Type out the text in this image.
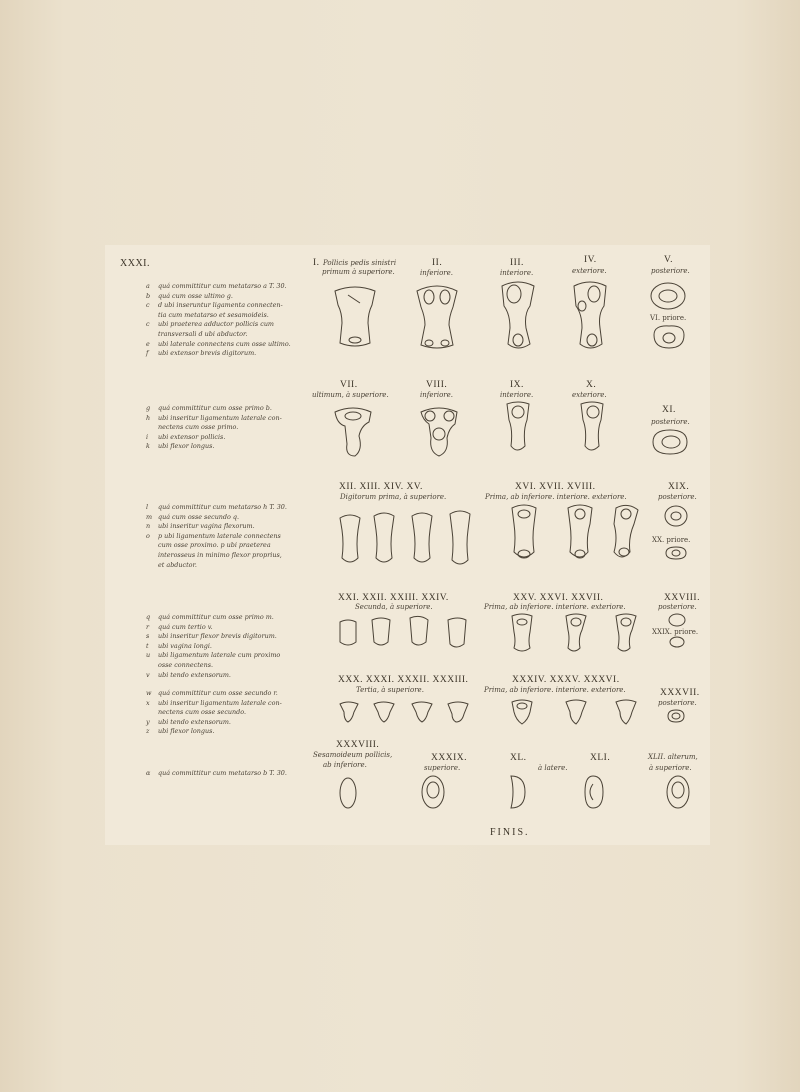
XXXI.
a quá committitur cum metatarso a T. 30.
b quá cum osse ultimo g.
c d ubi inseruntur ligamenta connecten-
tia cum metatarso et sesamoideis.
c ubi praeterea adductor pollicis cum
transversali d ubi abductor.
e ubi laterale connectens cum osse ultimo.
f ubi extensor brevis digitorum.
g quá committitur cum osse primo b.
h ubi inseritur ligamentum laterale con-
nectens cum osse primo.
i ubi extensor pollicis.
k ubi flexor longus.
l quá committitur cum metatarso h T. 30.
m quá cum osse secundo q.
n ubi inseritur vagina flexorum.
o p ubi ligamentum laterale connectens
cum osse proximo. p ubi praeterea
interosseus in minimo flexor proprius,
et abductor.
q quá committitur cum osse primo m.
r quá cum tertio v.
s ubi inseritur flexor brevis digitorum.
t ubi vagina longi.
u ubi ligamentum laterale cum proximo
osse connectens.
v ubi tendo extensorum.
w quá committitur cum osse secundo r.
x ubi inseritur ligamentum laterale con-
nectens cum osse secundo.
y ubi tendo extensorum.
z ubi flexor longus.
α quá committitur cum metatarso b T. 30.
I. Pollicis pedis sinistri
primum à superiore.
II.
inferiore.
III.
interiore.
IV.
exteriore.
V.
posteriore.
VI. priore.
VII.
ultimum, à superiore.
VIII.
inferiore.
IX.
interiore.
X.
exteriore.
XI.
posteriore.
XII. XIII. XIV. XV.
Digitorum prima, à superiore.
XVI. XVII. XVIII.
Prima, ab inferiore. interiore. exteriore.
XIX.
posteriore.
XX. priore.
XXI. XXII. XXIII. XXIV.
Secunda, à superiore.
XXV. XXVI. XXVII.
Prima, ab inferiore. interiore. exteriore.
XXVIII.
posteriore.
XXIX. priore.
XXX. XXXI. XXXII. XXXIII.
Tertia, à superiore.
XXXIV. XXXV. XXXVI.
Prima, ab inferiore. interiore. exteriore.	XXXVII.
posteriore.
XXXVIII.
Sesamoideum pollicis,
ab inferiore.
XXXIX.
superiore.
XL.	XLI.
à latere.
XLII. alterum,
à superiore.
FINIS.
